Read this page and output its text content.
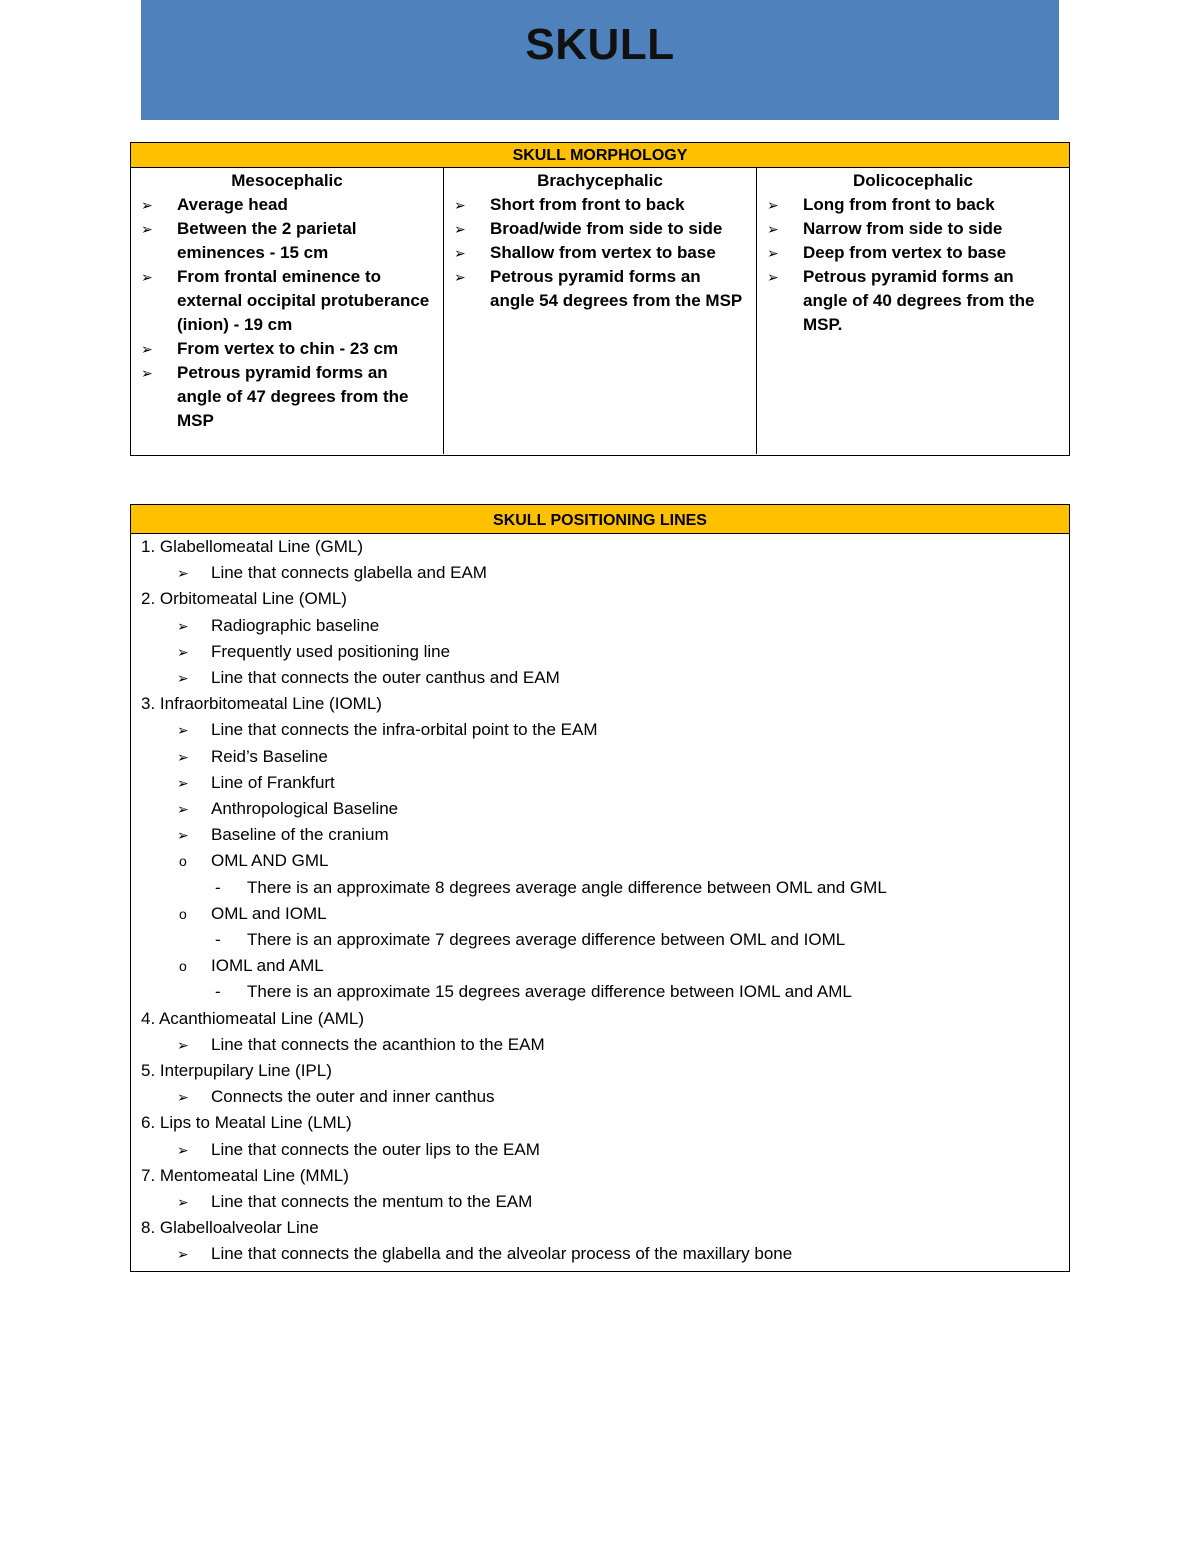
SKULL
SKULL MORPHOLOGY
Mesocephalic
➢ Average head
➢ Between the 2 parietal eminences - 15 cm
➢ From frontal eminence to external occipital protuberance (inion) - 19 cm
➢ From vertex to chin - 23 cm
➢ Petrous pyramid forms an angle of 47 degrees from the MSP
Brachycephalic
➢ Short from front to back
➢ Broad/wide from side to side
➢ Shallow from vertex to base
➢ Petrous pyramid forms an angle 54 degrees from the MSP
Dolicocephalic
➢ Long from front to back
➢ Narrow from side to side
➢ Deep from vertex to base
➢ Petrous pyramid forms an angle of 40 degrees from the MSP.
SKULL POSITIONING LINES
1. Glabellomeatal Line (GML)
➢ Line that connects glabella and EAM
2. Orbitomeatal Line (OML)
➢ Radiographic baseline
➢ Frequently used positioning line
➢ Line that connects the outer canthus and EAM
3. Infraorbitomeatal Line (IOML)
➢ Line that connects the infra-orbital point to the EAM
➢ Reid’s Baseline
➢ Line of Frankfurt
➢ Anthropological Baseline
➢ Baseline of the cranium
o OML AND GML
- There is an approximate 8 degrees average angle difference between OML and GML
o OML and IOML
- There is an approximate 7 degrees average difference between OML and IOML
o IOML and AML
- There is an approximate 15 degrees average difference between IOML and AML
4. Acanthiomeatal Line (AML)
➢ Line that connects the acanthion to the EAM
5. Interpupilary Line (IPL)
➢ Connects the outer and inner canthus
6. Lips to Meatal Line (LML)
➢ Line that connects the outer lips to the EAM
7. Mentomeatal Line (MML)
➢ Line that connects the mentum to the EAM
8. Glabelloalveolar Line
➢ Line that connects the glabella and the alveolar process of the maxillary bone
